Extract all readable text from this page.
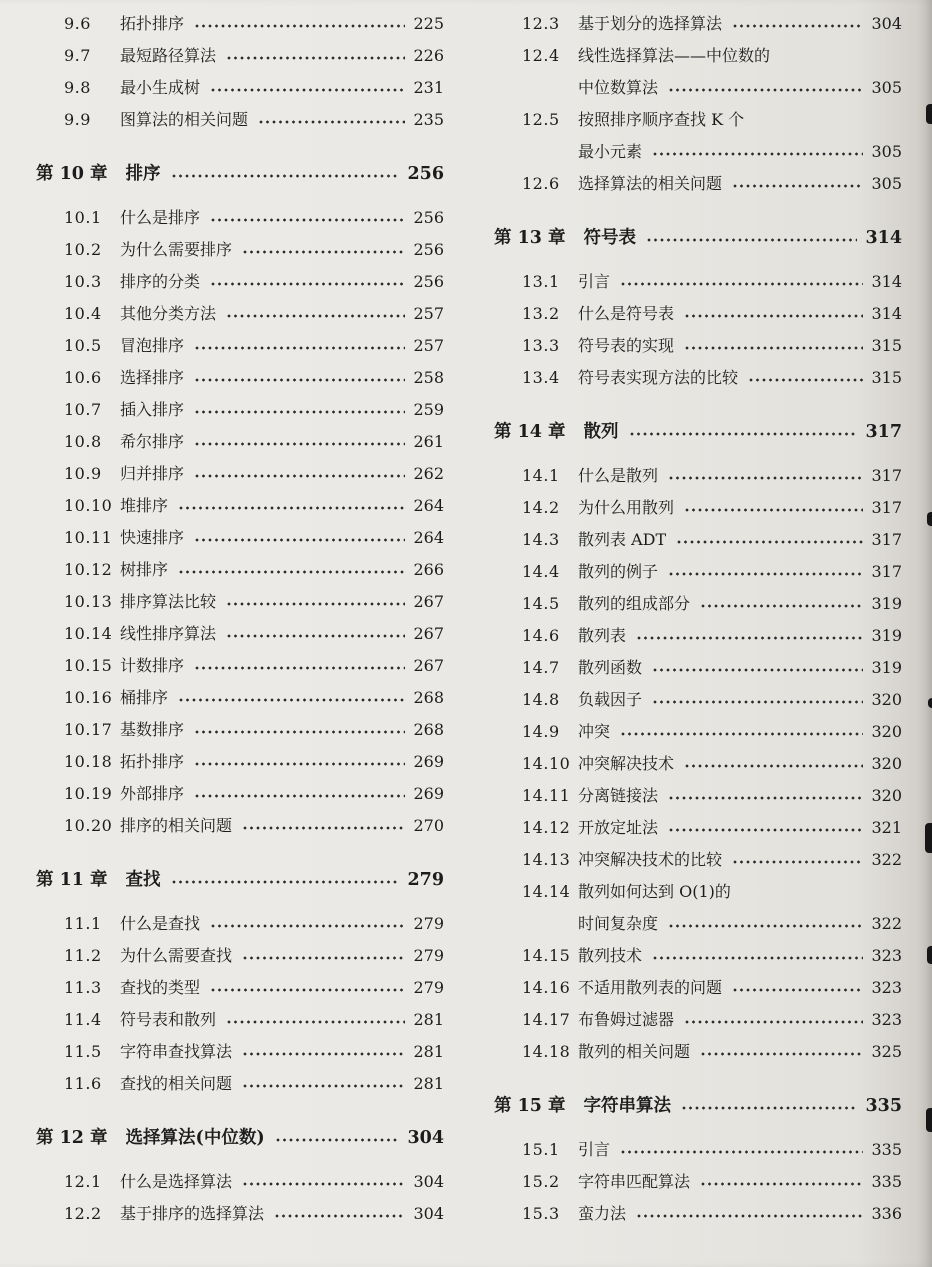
9.6	拓扑排序	225
9.7	最短路径算法	226
9.8	最小生成树	231
9.9	图算法的相关问题	235
第 10 章 排序	256
10.1	什么是排序	256
10.2	为什么需要排序	256
10.3	排序的分类	256
10.4	其他分类方法	257
10.5	冒泡排序	257
10.6	选择排序	258
10.7	插入排序	259
10.8	希尔排序	261
10.9	归并排序	262
10.10 堆排序	264
10.11 快速排序	264
10.12 树排序	266
10.13 排序算法比较	267
10.14 线性排序算法	267
10.15 计数排序	267
10.16 桶排序	268
10.17 基数排序	268
10.18 拓扑排序	269
10.19 外部排序	269
10.20 排序的相关问题	270
第 11 章 查找	279
11.1	什么是查找	279
11.2	为什么需要查找	279
11.3	查找的类型	279
11.4	符号表和散列	281
11.5	字符串查找算法	281
11.6	查找的相关问题	281
第 12 章 选择算法(中位数)	304
12.1	什么是选择算法	304
12.2	基于排序的选择算法	304
12.3	基于划分的选择算法	304
12.4	线性选择算法——中位数的
中位数算法	305
12.5	按照排序顺序查找 K 个
最小元素	305
12.6	选择算法的相关问题	305
第 13 章 符号表	314
13.1	引言	314
13.2	什么是符号表	314
13.3	符号表的实现	315
13.4	符号表实现方法的比较	315
第 14 章 散列	317
14.1	什么是散列	317
14.2	为什么用散列	317
14.3	散列表 ADT	317
14.4	散列的例子	317
14.5	散列的组成部分	319
14.6	散列表	319
14.7	散列函数	319
14.8	负载因子	320
14.9	冲突	320
14.10 冲突解决技术	320
14.11 分离链接法	320
14.12 开放定址法	321
14.13 冲突解决技术的比较	322
14.14 散列如何达到 O(1)的
时间复杂度	322
14.15 散列技术	323
14.16 不适用散列表的问题	323
14.17 布鲁姆过滤器	323
14.18 散列的相关问题	325
第 15 章 字符串算法	335
15.1	引言	335
15.2	字符串匹配算法	335
15.3	蛮力法	336
